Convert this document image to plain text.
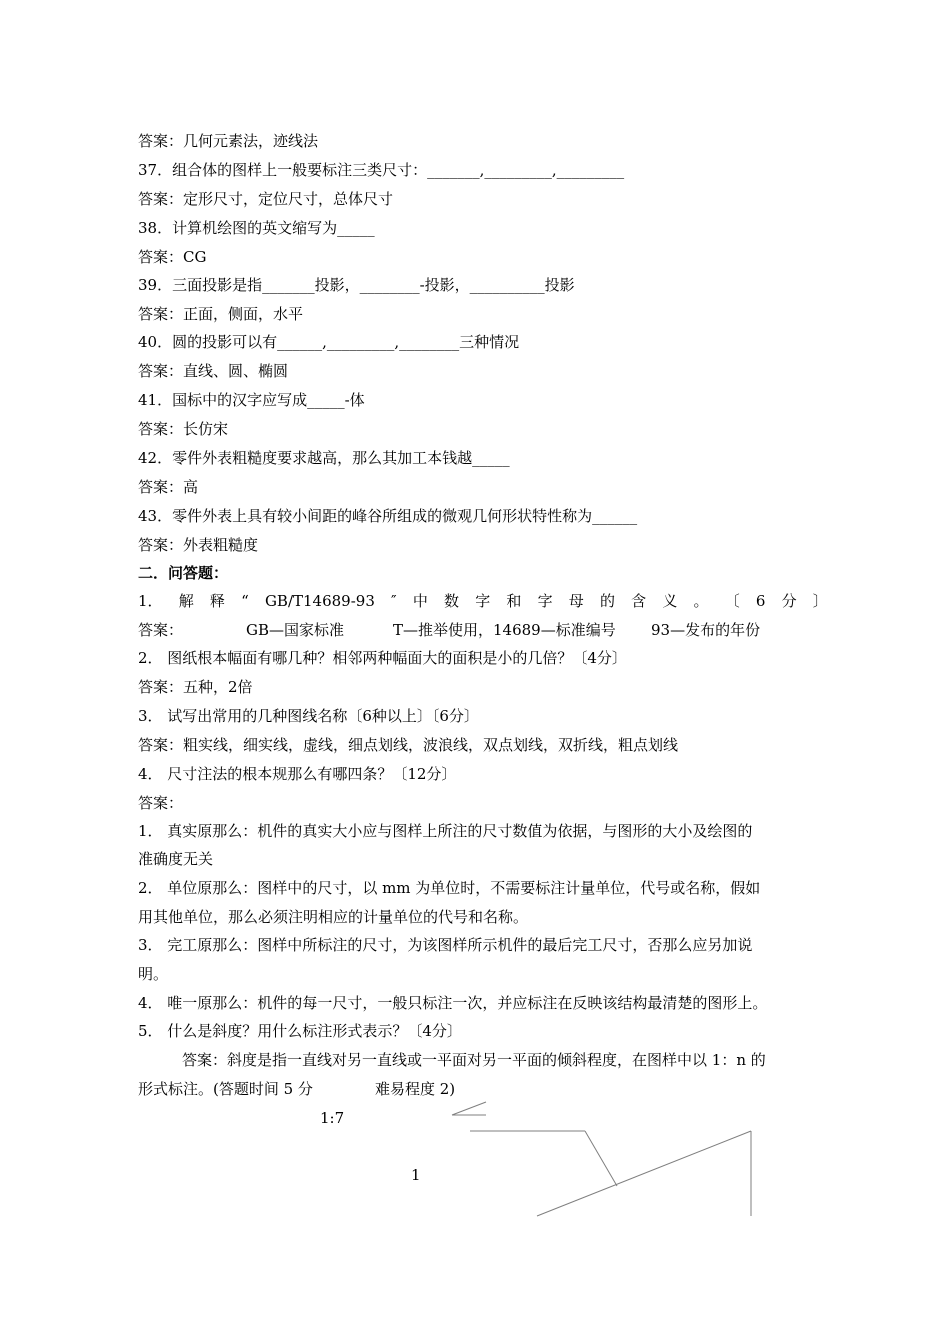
答案：几何元素法，迹线法
37．组合体的图样上一般要标注三类尺寸：_______,_________,_________
答案：定形尺寸，定位尺寸，总体尺寸
38．计算机绘图的英文缩写为_____
答案：CG
39．三面投影是指_______投影，________-投影，__________投影
答案：正面，侧面，水平
40．圆的投影可以有______,_________,________三种情况
答案：直线、圆、椭圆
41．国标中的汉字应写成_____-体
答案：长仿宋
42．零件外表粗糙度要求越高，那么其加工本钱越_____
答案：高
43．零件外表上具有较小间距的峰谷所组成的微观几何形状特性称为______
答案：外表粗糙度
二．问答题：
1． 解 释 “ GB/T14689-93 ″ 中 数 字 和 字 母 的 含 义 。 〔 6 分 〕
答案：	GB—国家标准	T—推举使用，14689—标准编号 93—发布的年份
2． 图纸根本幅面有哪几种？相邻两种幅面大的面积是小的几倍？〔4分〕
答案：五种，2倍
3． 试写出常用的几种图线名称〔6种以上〕〔6分〕
答案：粗实线，细实线，虚线，细点划线，波浪线，双点划线，双折线，粗点划线
4． 尺寸注法的根本规那么有哪四条？〔12分〕
答案：
1． 真实原那么：机件的真实大小应与图样上所注的尺寸数值为依据，与图形的大小及绘图的
准确度无关
2． 单位原那么：图样中的尺寸，以 mm 为单位时，不需要标注计量单位，代号或名称，假如
用其他单位，那么必须注明相应的计量单位的代号和名称。
3． 完工原那么：图样中所标注的尺寸，为该图样所示机件的最后完工尺寸，否那么应另加说
明。
4． 唯一原那么：机件的每一尺寸，一般只标注一次，并应标注在反映该结构最清楚的图形上。
5． 什么是斜度？用什么标注形式表示？〔4分〕
答案：斜度是指一直线对另一直线或一平面对另一平面的倾斜程度，在图样中以 1：n 的
形式标注。(答题时间 5 分	难易程度 2)
1:7
1
